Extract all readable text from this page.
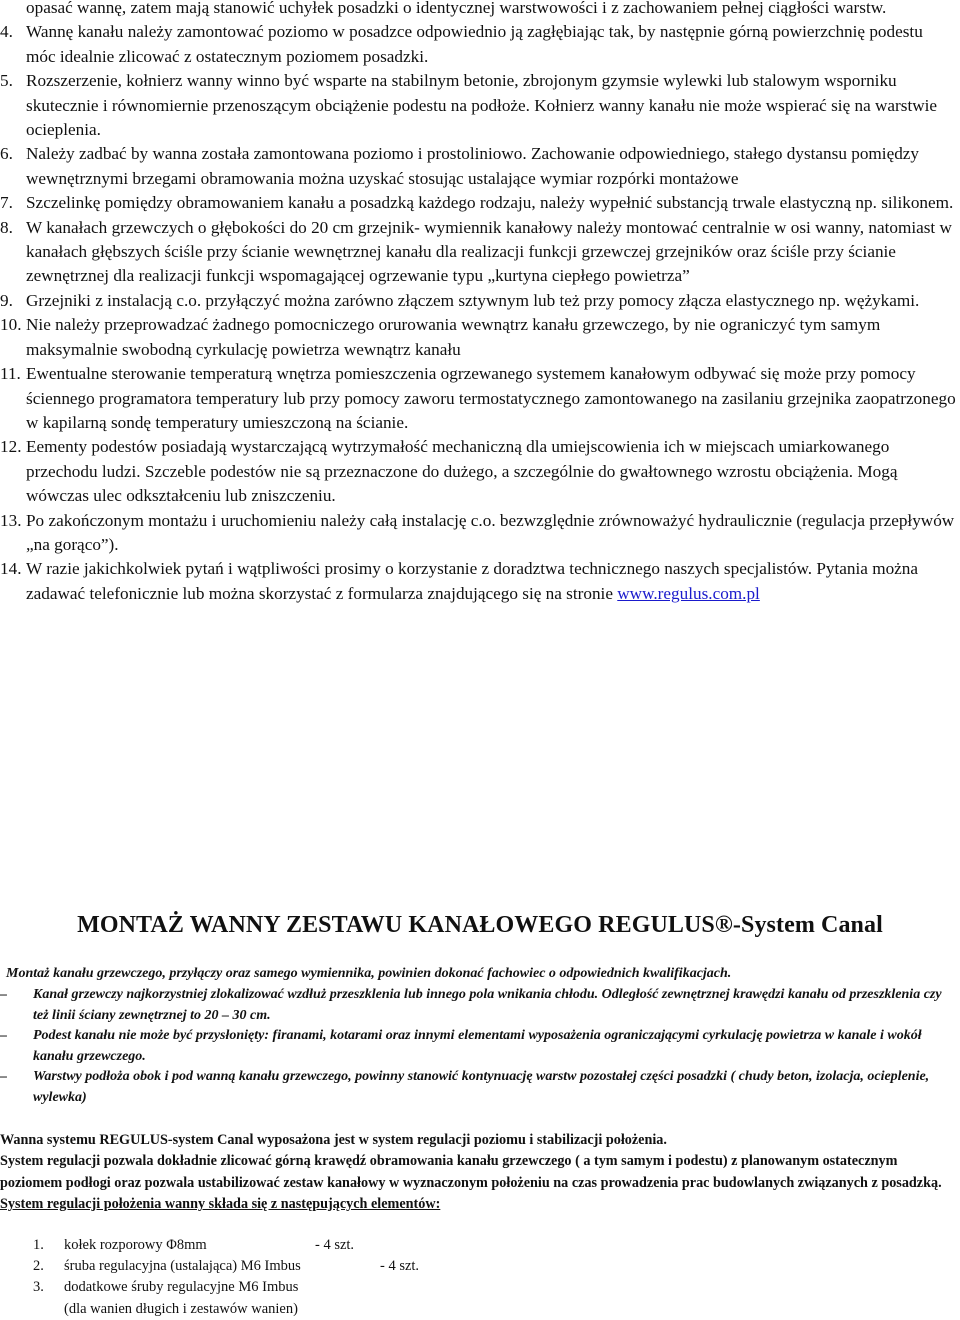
opasać wannę, zatem mają stanowić uchyłek posadzki o identycznej warstwowości i z zachowaniem pełnej ciągłości warstw.
4. Wannę kanału należy zamontować poziomo w posadzce odpowiednio ją zagłębiając tak, by następnie górną powierzchnię podestu móc idealnie zlicować z ostatecznym poziomem posadzki.
5. Rozszerzenie, kołnierz wanny winno być wsparte na stabilnym betonie, zbrojonym gzymsie wylewki lub stalowym wsporniku skutecznie i równomiernie przenoszącym obciążenie podestu na podłoże. Kołnierz wanny kanału nie może wspierać się na warstwie ocieplenia.
6. Należy zadbać by wanna została zamontowana poziomo i prostoliniowo. Zachowanie odpowiedniego, stałego dystansu pomiędzy wewnętrznymi brzegami obramowania można uzyskać stosując ustalające wymiar rozpórki montażowe
7. Szczelinkę pomiędzy obramowaniem kanału a posadzką każdego rodzaju, należy wypełnić substancją trwale elastyczną np. silikonem.
8. W kanałach grzewczych o głębokości do 20 cm grzejnik- wymiennik kanałowy należy montować centralnie w osi wanny, natomiast w kanałach głębszych ściśle przy ścianie wewnętrznej kanału dla realizacji funkcji grzewczej grzejników oraz ściśle przy ścianie zewnętrznej dla realizacji funkcji wspomagającej ogrzewanie typu „kurtyna ciepłego powietrza”
9. Grzejniki z instalacją c.o. przyłączyć można zarówno złączem sztywnym lub też przy pomocy złącza elastycznego np. wężykami.
10. Nie należy przeprowadzać żadnego pomocniczego orurowania wewnątrz kanału grzewczego, by nie ograniczyć tym samym maksymalnie swobodną cyrkulację powietrza wewnątrz kanału
11. Ewentualne sterowanie temperaturą wnętrza pomieszczenia ogrzewanego systemem kanałowym odbywać się może przy pomocy ściennego programatora temperatury lub przy pomocy zaworu termostatycznego zamontowanego na zasilaniu grzejnika zaopatrzonego w kapilarną sondę temperatury umieszczoną na ścianie.
12. Eementy podestów posiadają wystarczającą wytrzymałość mechaniczną dla umiejscowienia ich w miejscach umiarkowanego przechodu ludzi. Szczeble podestów nie są przeznaczone do dużego, a szczególnie do gwałtownego wzrostu obciążenia. Mogą wówczas ulec odkształceniu lub zniszczeniu.
13. Po zakończonym montażu i uruchomieniu należy całą instalację c.o. bezwzględnie zrównoważyć hydraulicznie (regulacja przepływów „na gorąco”).
14. W razie jakichkolwiek pytań i wątpliwości prosimy o korzystanie z doradztwa technicznego naszych specjalistów. Pytania można zadawać telefonicznie lub można skorzystać z formularza znajdującego się na stronie www.regulus.com.pl
MONTAŻ WANNY ZESTAWU KANAŁOWEGO REGULUS®-System Canal
Montaż kanału grzewczego, przyłączy oraz samego wymiennika, powinien dokonać fachowiec o odpowiednich kwalifikacjach.
– Kanał grzewczy najkorzystniej zlokalizować wzdłuż przeszklenia lub innego pola wnikania chłodu. Odległość zewnętrznej krawędzi kanału od przeszklenia czy też linii ściany zewnętrznej to 20 – 30 cm.
– Podest kanału nie może być przysłonięty: firanami, kotarami oraz innymi elementami wyposażenia ograniczającymi cyrkulację powietrza w kanale i wokół kanału grzewczego.
– Warstwy podłoża obok i pod wanną kanału grzewczego, powinny stanowić kontynuację warstw pozostałej części posadzki ( chudy beton, izolacja, ocieplenie, wylewka)
Wanna systemu REGULUS-system Canal wyposażona jest w system regulacji poziomu i stabilizacji położenia.
System regulacji pozwala dokładnie zlicować górną krawędź obramowania kanału grzewczego ( a tym samym i podestu) z planowanym ostatecznym poziomem podłogi oraz pozwala ustabilizować zestaw kanałowy w wyznaczonym położeniu na czas prowadzenia prac budowlanych związanych z posadzką.
System regulacji położenia wanny składa się z następujących elementów:
1. kołek rozporowy Φ8mm	- 4 szt.
2. śruba regulacyjna (ustalająca) M6 Imbus	- 4 szt.
3. dodatkowe śruby regulacyjne M6 Imbus
(dla wanien długich i zestawów wanien)
